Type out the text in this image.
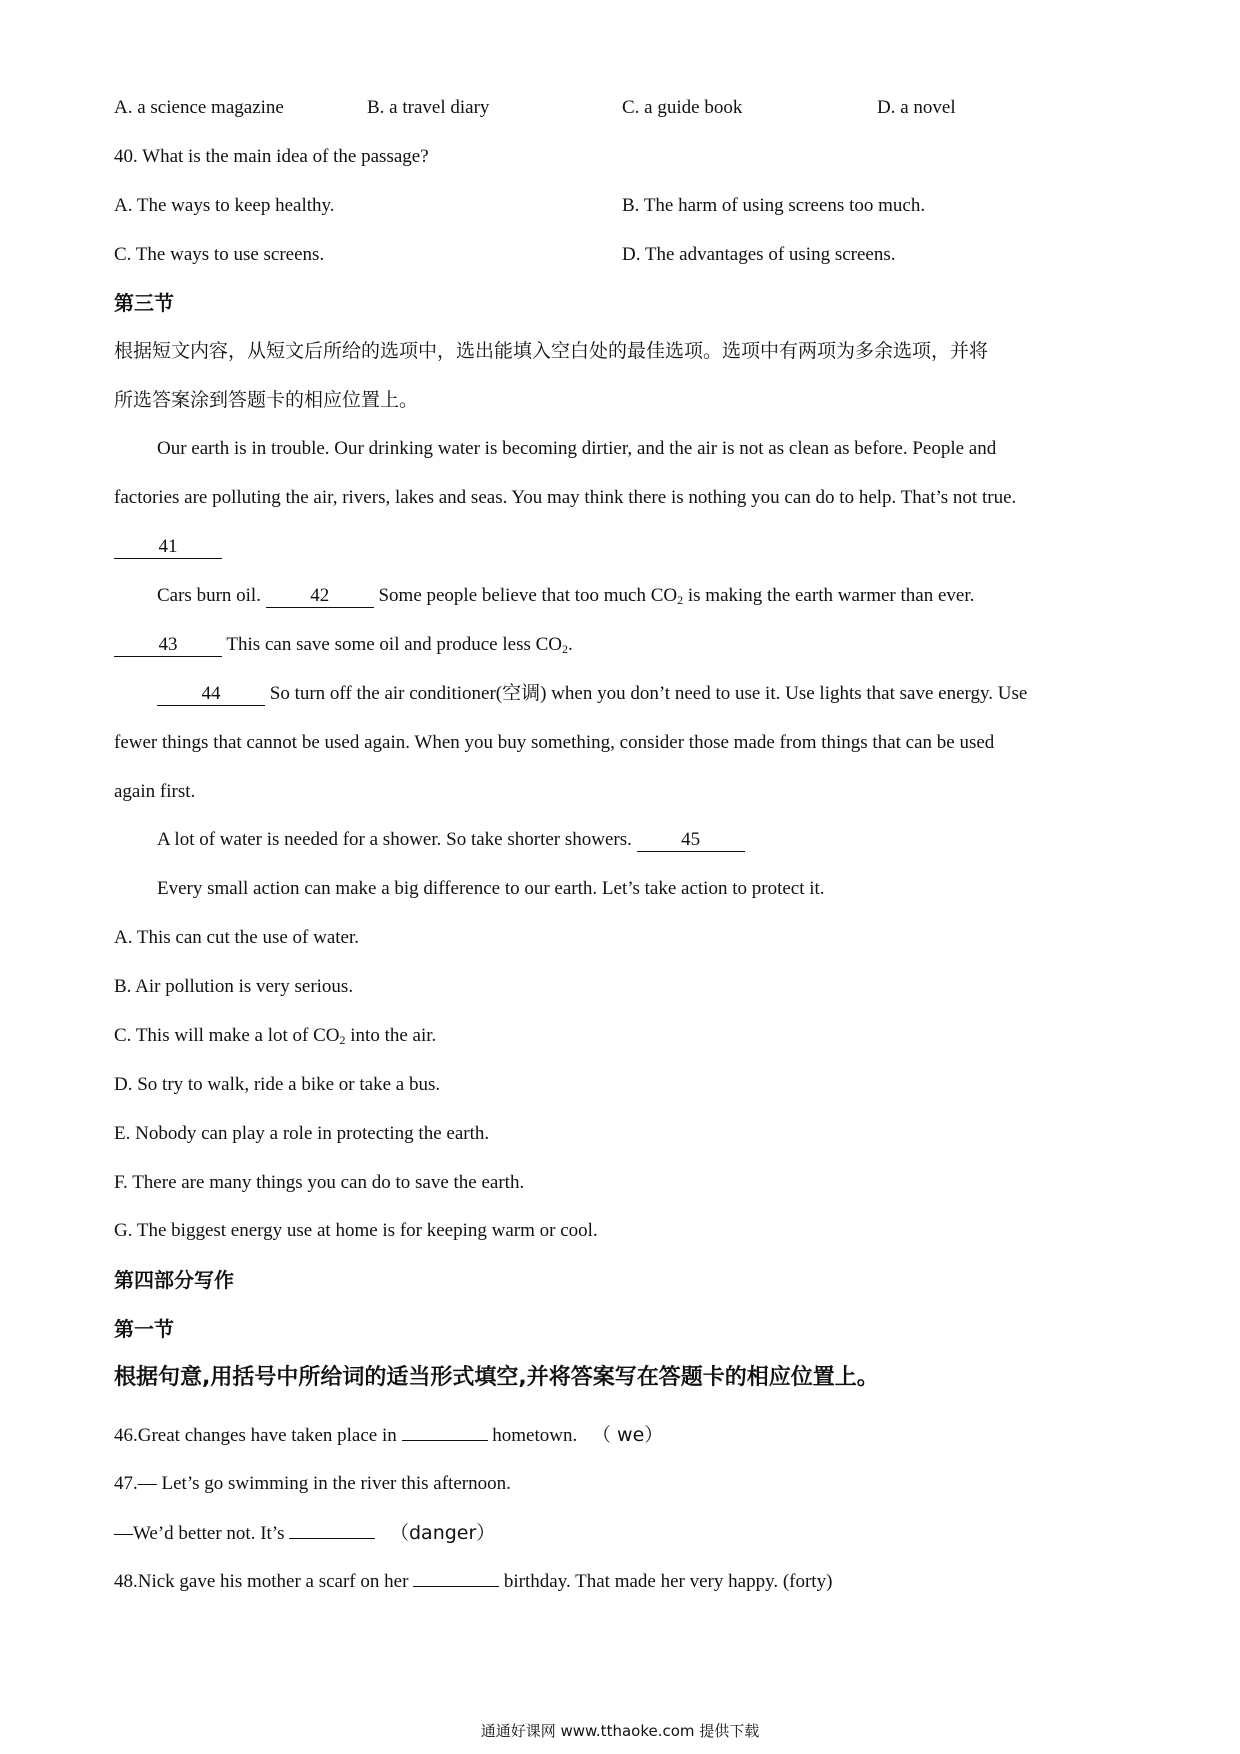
A. a science magazine	B. a travel diary	C. a guide book	D. a novel
40. What is the main idea of the passage?
A. The ways to keep healthy.	B. The harm of using screens too much.
C. The ways to use screens.	D. The advantages of using screens.
第三节
根据短文内容，从短文后所给的选项中，选出能填入空白处的最佳选项。选项中有两项为多余选项，并将
所选答案涂到答题卡的相应位置上。
Our earth is in trouble. Our drinking water is becoming dirtier, and the air is not as clean as before. People and
factories are polluting the air, rivers, lakes and seas. You may think there is nothing you can do to help. That’s not true.
41
Cars burn oil.	42	Some people believe that too much $CO_2$ is making the earth warmer than ever.
43	This can save some oil and produce less $CO_2$.
44	So turn off the air conditioner(空调) when you don’t need to use it. Use lights that save energy. Use
fewer things that cannot be used again. When you buy something, consider those made from things that can be used
again first.
A lot of water is needed for a shower. So take shorter showers.	45
Every small action can make a big difference to our earth. Let’s take action to protect it.
A. This can cut the use of water.
B. Air pollution is very serious.
C. This will make a lot of $CO_2$ into the air.
D. So try to walk, ride a bike or take a bus.
E. Nobody can play a role in protecting the earth.
F. There are many things you can do to save the earth.
G. The biggest energy use at home is for keeping warm or cool.
第四部分写作
第一节
根据句意,用括号中所给词的适当形式填空,并将答案写在答题卡的相应位置上。
46.Great changes have taken place in	hometown. （ we）
47.— Let’s go swimming in the river this afternoon.
—We’d better not. It’s	（danger）
48.Nick gave his mother a scarf on her	birthday. That made her very happy. (forty)
通通好课网 www.tthaoke.com 提供下载
